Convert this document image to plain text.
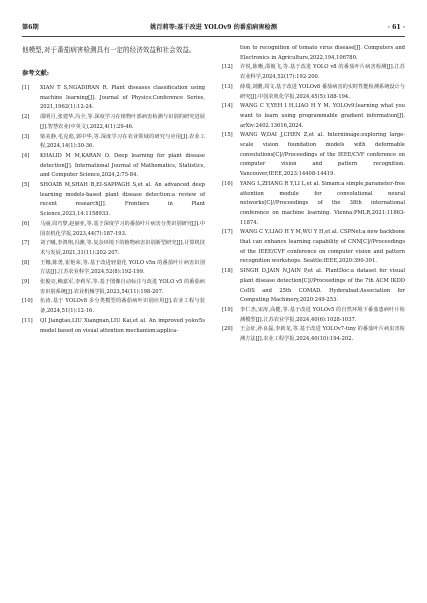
第6期	姚百莉等:基于改进 YOLOv9 的番茄病害检测	· 61 ·

他模型,对于番茄病害检测具有一定的经济效益和社会效益。

参考文献:
[1]	XIAN T S,NGADIRAN R. Plant diseases classification using machine learning[J]. Journal of Physics:Conference Series, 2021,1962(1):12-24.
[2]	邵明月,张建华,冯全,等.深度学习在植物叶部病害检测与识别的研究进展[J].智慧农业(中英文),2022,4(1):29-46.
[3]	梁美静,毛克彪,郭中华,等.深度学习在农业领域的研究与应用[J].农业工程,2024,14(1):30-36.
[4]	KHALID M M,KARAN O. Deep learning for plant disease detection[J]. International Journal of Mathematics, Statistics, and Computer Science,2024,2:75-84.
[5]	SHOAIB M,SHAH B,EI-SAPPAGH S,et al. An advanced deep learning models-based plant disease detection:a review of recent research[J]. Frontiers in Plant Science,2023,14:1158933.
[6]	马丽,周巧黎,赵丽亚,等.基于深度学习的番茄叶片病害分类识别研究[J].中国农机化学报,2023,44(7):187-193.
[7]	刘子曦,李鸿翔,冯潍,等.复杂环境下的植物病害识别新型研究[J].计算机技术与发展,2021,31(11):202-207.
[8]	王娜,陈勇,崔艳荣,等.基于改进轻量化 YOLO v5n 的番茄叶片病害识别方法[J].江苏农业科学,2024,52(8):192-199.
[9]	张俊亮,赖嘉军,李莉军,等.基于图像自动标注与改进 YOLO v5 的番茄病害识别系统[J].农业机械学报,2023,54(11):198-207.
[10]	伍涛.基于 YOLOv8 多分类模型的番茄病叶识别应用[J].农业工程与装备,2024,51(1):12-16.
[11]	QI Jiangtao,LIU Xiangnan,LIU Kai,et al. An improved yolov5s model based on visual attention mechanism:applica-
tion to recognition of tomato virus disease[J]. Computers and Electronics in Agriculture,2022,194,106780.
[12]	许悦,陈晰,邵俊飞,等.基于改进 YOLO v8 的番茄叶片病害检测[J].江苏农业科学,2024,52(17):192-200.
[13]	薛瑞,刘鹏,周文.基于改进 YOLOv8 番茄病害的实时性能检测系统设计与研究[J].中国农机化学报,2024,45(5):188-194.
[14]	WANG C Y,YEH I H,LIAO H Y M. YOLOv9:learning what you want to learn using programmable gradient information[J]. arXiv:2402.13616,2024.
[15]	WANG W,DAI J,CHEN Z,et al. Internimage:exploring large-scale vision foundation models with deformable convolutions[C]//Proceedings of the IEEE/CVF conference on computer vision and pattern recognition. Vancouver,IEEE,2023:14408-14419.
[16]	YANG L,ZHANG R Y,LI L,et al. Simam:a simple,parameter-free attention module for convolutional neural networks[C]//Proceedings of the 38th international conference on machine learning. Vienna:PMLR,2021:11863-11874.
[17]	WANG C Y,LIAO H Y M,WU Y H,et al. CSPNet:a new backbone that can enhance learning capability of CNN[C]//Proceedings of the IEEE/CVF conference on computer vision and pattern recognition workshops. Seattle:IEEE,2020:390-391.
[18]	SINGH D,JAIN N,JAIN P,et al. PlantDoc:a dataset for visual plant disease detection[C]//Proceedings of the 7th ACM IKDD CoDS and 25th COMAD. Hyderabad:Association for Computing Machinery,2020:249-253.
[19]	李仁杰,宋涛,高健,等.基于改进 YOLOv5 的自然环境下番茄患病叶片检测模型[J].江苏农业学报,2024,40(6):1028-1037.
[20]	王会征,孙良磊,李新龙,等.基于改进 YOLOv7-tiny 的番茄叶片病虫害检测方法[J].农业工程学报,2024,40(10):194-202.
